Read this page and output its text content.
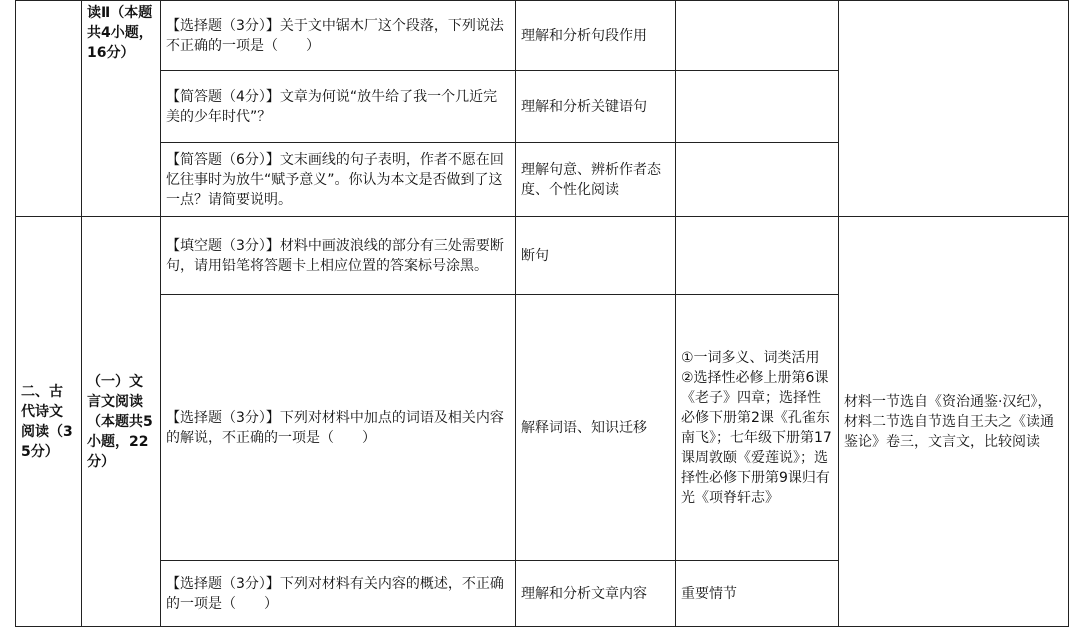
	读Ⅱ（本题共4小题，16分）	【选择题（3分）】关于文中锯木厂这个段落，下列说法不正确的一项是（　　）	理解和分析句段作用		
		【简答题（4分）】文章为何说“放牛给了我一个几近完美的少年时代”？	理解和分析关键语句		
		【简答题（6分）】文末画线的句子表明，作者不愿在回忆往事时为放牛“赋予意义”。你认为本文是否做到了这一点？请简要说明。	理解句意、辨析作者态度、个性化阅读		
二、古代诗文阅读（35分）	（一）文言文阅读（本题共5小题，22分）	【填空题（3分）】材料中画波浪线的部分有三处需要断句，请用铅笔将答题卡上相应位置的答案标号涂黑。	断句		材料一节选自《资治通鉴·汉纪》，材料二节选自节选自王夫之《读通鉴论》卷三，文言文，比较阅读
		【选择题（3分）】下列对材料中加点的词语及相关内容的解说，不正确的一项是（　　）	解释词语、知识迁移	①一词多义、词类活用
②选择性必修上册第6课《老子》四章；选择性必修下册第2课《孔雀东南飞》；七年级下册第17课周敦颐《爱莲说》；选择性必修下册第9课归有光《项脊轩志》	
		【选择题（3分）】下列对材料有关内容的概述，不正确的一项是（　　）	理解和分析文章内容	重要情节	
